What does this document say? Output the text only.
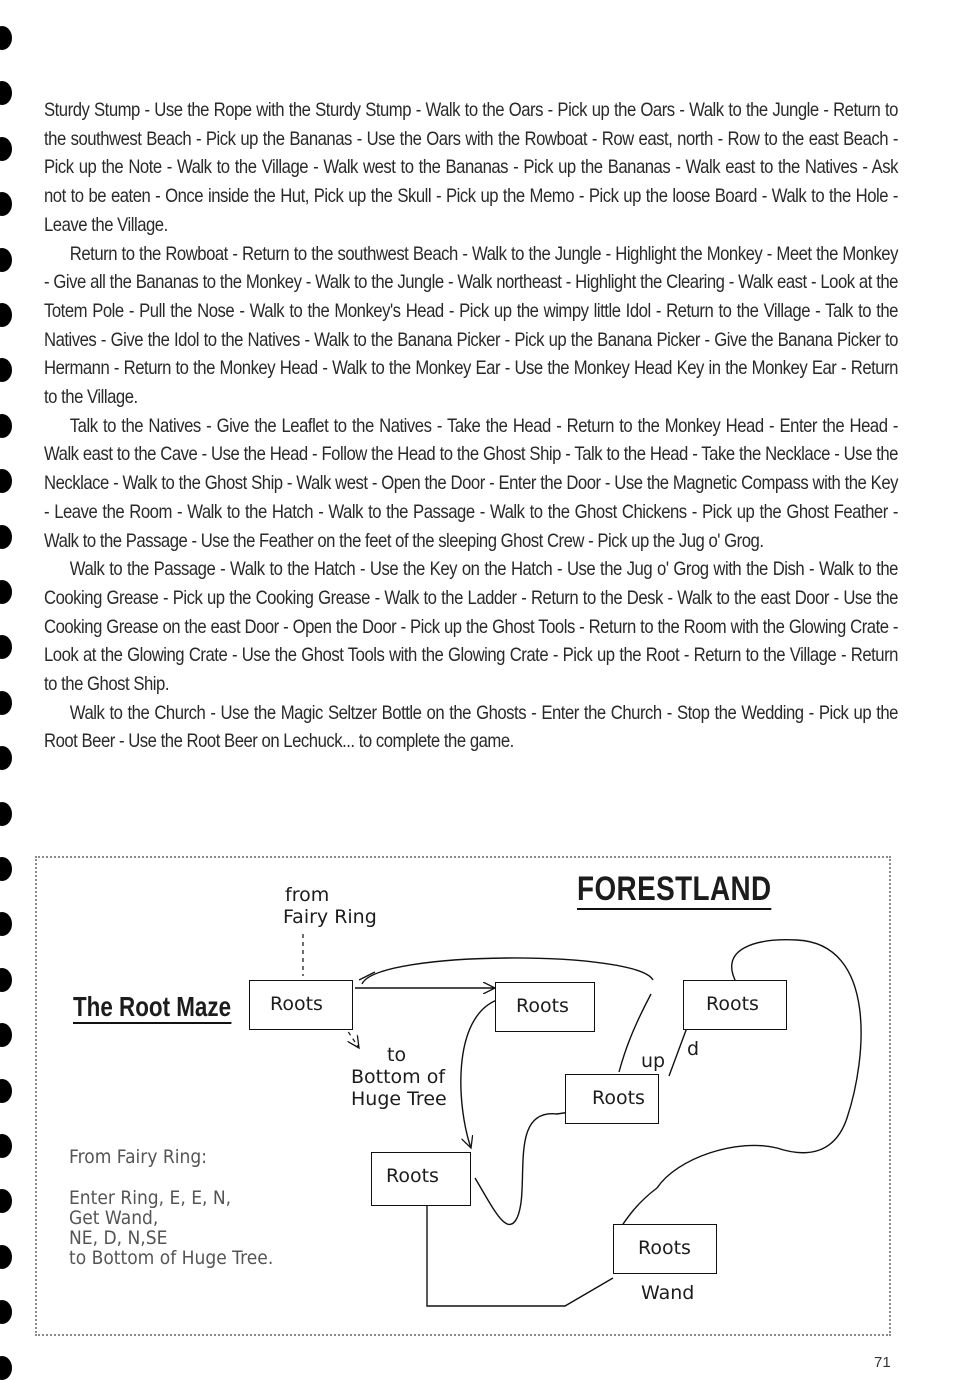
Sturdy Stump - Use the Rope with the Sturdy Stump - Walk to the Oars - Pick up the Oars - Walk to the Jungle - Return to the southwest Beach - Pick up the Bananas - Use the Oars with the Rowboat - Row east, north - Row to the east Beach - Pick up the Note - Walk to the Village - Walk west to the Bananas - Pick up the Bananas - Walk east to the Natives - Ask not to be eaten - Once inside the Hut, Pick up the Skull - Pick up the Memo - Pick up the loose Board - Walk to the Hole - Leave the Village.

Return to the Rowboat - Return to the southwest Beach - Walk to the Jungle - Highlight the Monkey - Meet the Monkey - Give all the Bananas to the Monkey - Walk to the Jungle - Walk northeast - Highlight the Clearing - Walk east - Look at the Totem Pole - Pull the Nose - Walk to the Monkey's Head - Pick up the wimpy little Idol - Return to the Village - Talk to the Natives - Give the Idol to the Natives - Walk to the Banana Picker - Pick up the Banana Picker - Give the Banana Picker to Hermann - Return to the Monkey Head - Walk to the Monkey Ear - Use the Monkey Head Key in the Monkey Ear - Return to the Village.

Talk to the Natives - Give the Leaflet to the Natives - Take the Head - Return to the Monkey Head - Enter the Head - Walk east to the Cave - Use the Head - Follow the Head to the Ghost Ship - Talk to the Head - Take the Necklace - Use the Necklace - Walk to the Ghost Ship - Walk west - Open the Door - Enter the Door - Use the Magnetic Compass with the Key - Leave the Room - Walk to the Hatch - Walk to the Passage - Walk to the Ghost Chickens - Pick up the Ghost Feather - Walk to the Passage - Use the Feather on the feet of the sleeping Ghost Crew - Pick up the Jug o' Grog.

Walk to the Passage - Walk to the Hatch - Use the Key on the Hatch - Use the Jug o' Grog with the Dish - Walk to the Cooking Grease - Pick up the Cooking Grease - Walk to the Ladder - Return to the Desk - Walk to the east Door - Use the Cooking Grease on the east Door - Open the Door - Pick up the Ghost Tools - Return to the Room with the Glowing Crate - Look at the Glowing Crate - Use the Ghost Tools with the Glowing Crate - Pick up the Root - Return to the Village - Return to the Ghost Ship.

Walk to the Church - Use the Magic Seltzer Bottle on the Ghosts - Enter the Church - Stop the Wedding - Pick up the Root Beer - Use the Root Beer on Lechuck... to complete the game.

from
Fairy Ring
FORESTLAND
The Root Maze	Roots	Roots	Roots
Roots
Roots
Roots
to
Bottom of
Huge Tree
up
d
Wand
From Fairy Ring:
Enter Ring, E, E, N,
Get Wand,
NE, D, N,SE
to Bottom of Huge Tree.
71
